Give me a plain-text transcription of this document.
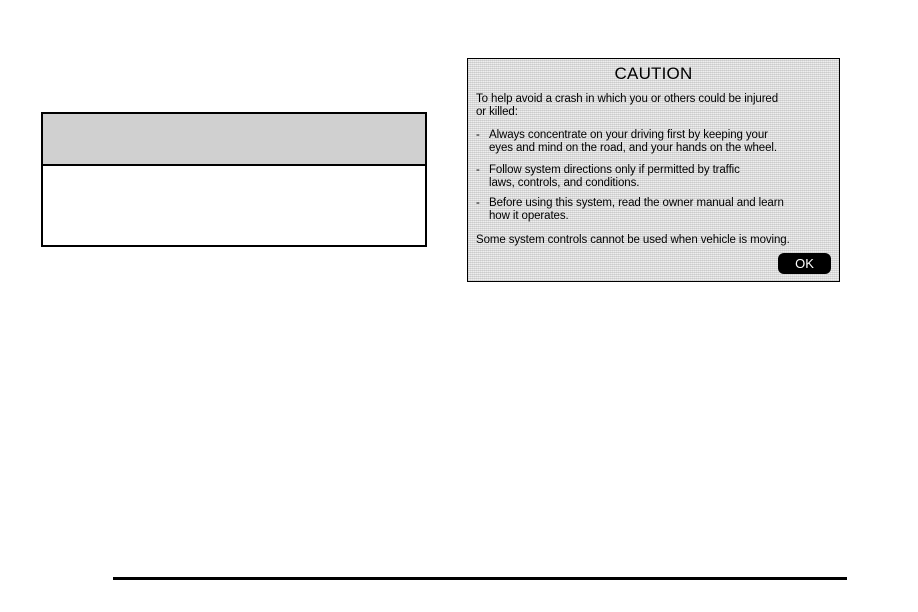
CAUTION
To help avoid a crash in which you or others could be injured
or killed:
- Always concentrate on your driving first by keeping your
eyes and mind on the road, and your hands on the wheel.
- Follow system directions only if permitted by traffic
laws, controls, and conditions.
- Before using this system, read the owner manual and learn
how it operates.
Some system controls cannot be used when vehicle is moving.
OK
